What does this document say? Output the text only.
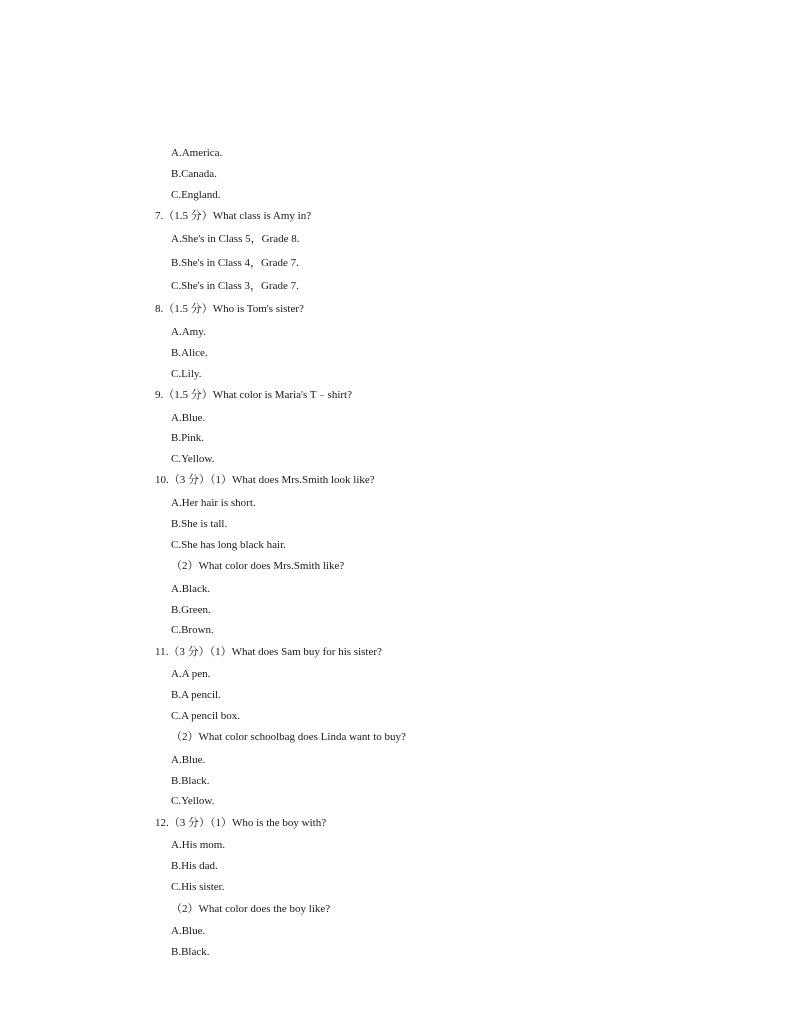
A.America.
B.Canada.
C.England.
7.（1.5 分）What class is Amy in?
A.She's in Class 5，Grade 8.
B.She's in Class 4，Grade 7.
C.She's in Class 3，Grade 7.
8.（1.5 分）Who is Tom's sister?
A.Amy.
B.Alice.
C.Lily.
9.（1.5 分）What color is Maria's T﹣shirt?
A.Blue.
B.Pink.
C.Yellow.
10.（3 分）（1）What does Mrs.Smith look like?
A.Her hair is short.
B.She is tall.
C.She has long black hair.
（2）What color does Mrs.Smith like?
A.Black.
B.Green.
C.Brown.
11.（3 分）（1）What does Sam buy for his sister?
A.A pen.
B.A pencil.
C.A pencil box.
（2）What color schoolbag does Linda want to buy?
A.Blue.
B.Black.
C.Yellow.
12.（3 分）（1）Who is the boy with?
A.His mom.
B.His dad.
C.His sister.
（2）What color does the boy like?
A.Blue.
B.Black.
